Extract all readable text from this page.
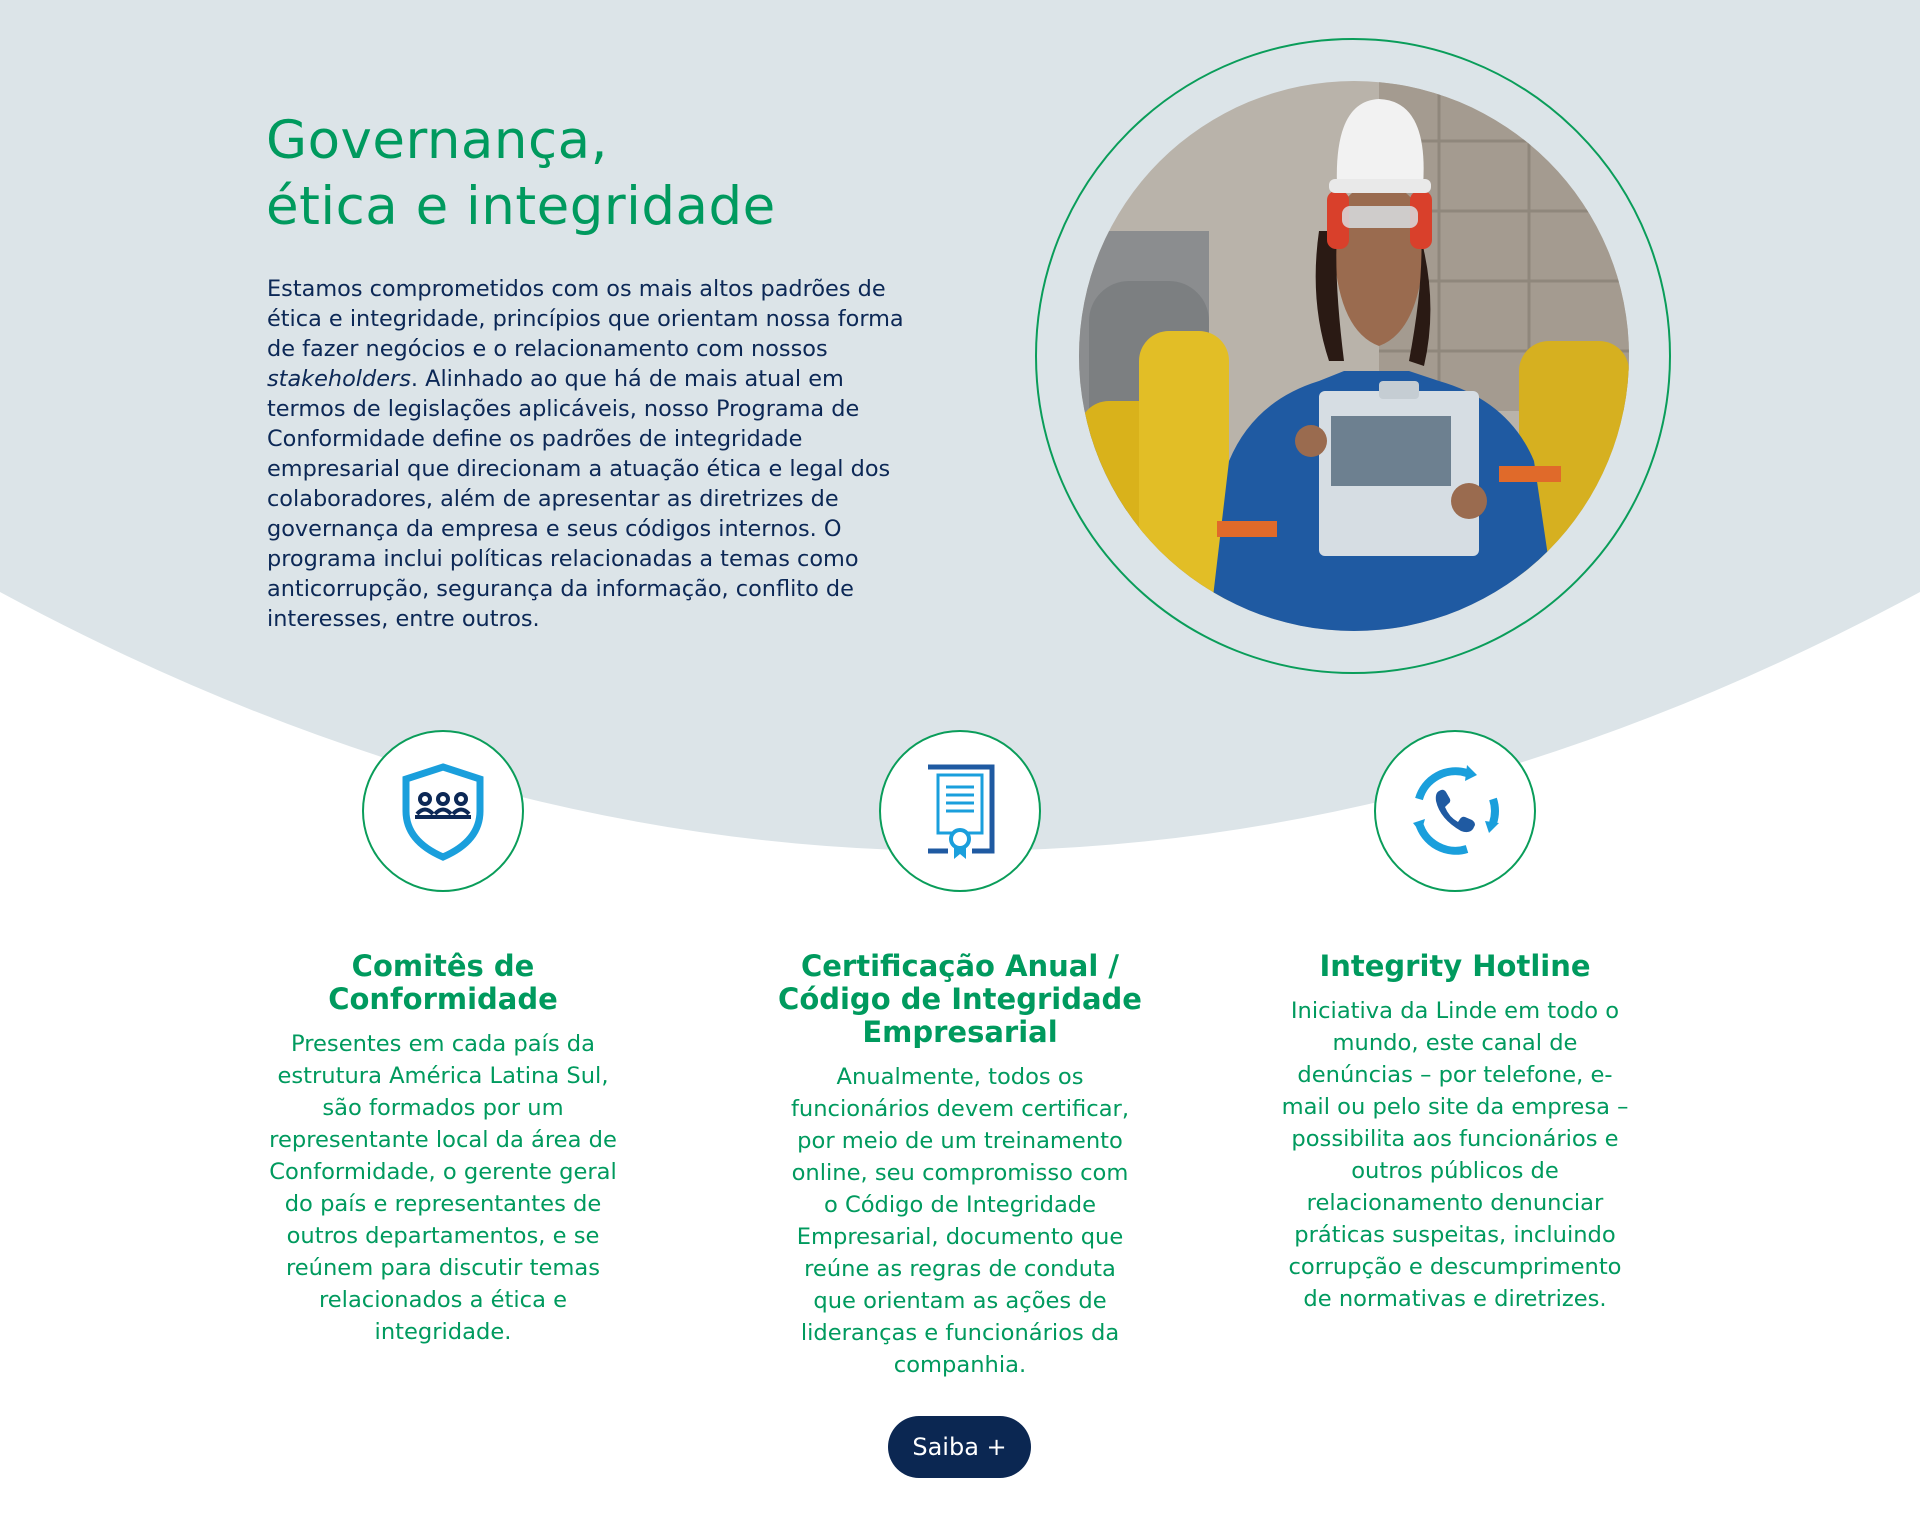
Governança,
ética e integridade

Estamos comprometidos com os mais altos padrões de ética e integridade, princípios que orientam nossa forma de fazer negócios e o relacionamento com nossos stakeholders. Alinhado ao que há de mais atual em termos de legislações aplicáveis, nosso Programa de Conformidade define os padrões de integridade empresarial que direcionam a atuação ética e legal dos colaboradores, além de apresentar as diretrizes de governança da empresa e seus códigos internos. O programa inclui políticas relacionadas a temas como anticorrupção, segurança da informação, conflito de interesses, entre outros.

Comitês de
Conformidade

Presentes em cada país da estrutura América Latina Sul, são formados por um representante local da área de Conformidade, o gerente geral do país e representantes de outros departamentos, e se reúnem para discutir temas relacionados a ética e integridade.

Certificação Anual /
Código de Integridade
Empresarial

Anualmente, todos os funcionários devem certificar, por meio de um treinamento online, seu compromisso com o Código de Integridade Empresarial, documento que reúne as regras de conduta que orientam as ações de lideranças e funcionários da companhia.

Integrity Hotline

Iniciativa da Linde em todo o mundo, este canal de denúncias – por telefone, e-mail ou pelo site da empresa – possibilita aos funcionários e outros públicos de relacionamento denunciar práticas suspeitas, incluindo corrupção e descumprimento de normativas e diretrizes.

Saiba +
